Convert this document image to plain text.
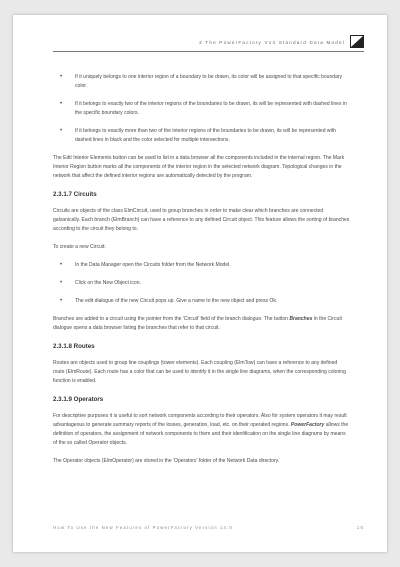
2 The PowerFactory V14 Standard Data Model
• If it uniquely belongs to one interior region of a boundary to be drawn, its color will be assigned to that specific boundary color.
• If it belongs to exactly two of the interior regions of the boundaries to be drawn, its will be represented with dashed lines in the specific boundary colors.
• If it belongs to exactly more than two of the interior regions of the boundaries to be drawn, its will be represented with dashed lines in black and the color selected for multiple intersections.

The Edit Interior Elements button can be used to list in a data browser all the components included in the internal region. The Mark Interior Region button marks all the components of the interior region in the selected network diagram. Topological changes in the network that affect the defined interior regions are automatically detected by the program.

2.3.1.7 Circuits

Circuits are objects of the class ElmCircuit, used to group branches in order to make clear which branches are connected galvanically. Each branch (ElmBranch) can have a reference to any defined Circuit object. This feature allows the sorting of branches according to the circuit they belong to.

To create a new Circuit:

• In the Data Manager open the Circuits folder from the Network Model.
• Click on the New Object icon.
• The edit dialogue of the new Circuit pops up. Give a name to the new object and press Ok.

Branches are added to a circuit using the pointer from the 'Circuit' field of the branch dialogue. The button Branches in the Circuit dialogue opens a data browser listing the branches that refer to that circuit.

2.3.1.8 Routes

Routes are objects used to group line couplings (tower elements). Each coupling (ElmTow) can have a reference to any defined route (ElmRoute). Each route has a color that can be used to identify it in the single line diagrams, when the corresponding coloring function is enabled.

2.3.1.9 Operators

For descriptive purposes it is useful to sort network components according to their operators. Also for system operators it may result advantageous to generate summary reports of the losses, generation, load, etc. on their operated regions. PowerFactory allows the definition of operators, the assignment of network components to them and their identification on the single line diagrams by means of the so called Operator objects.

The Operator objects (ElmOperator) are stored in the 'Operators' folder of the Network Data directory.

How To Use the New Features of PowerFactory Version 14.0	10
